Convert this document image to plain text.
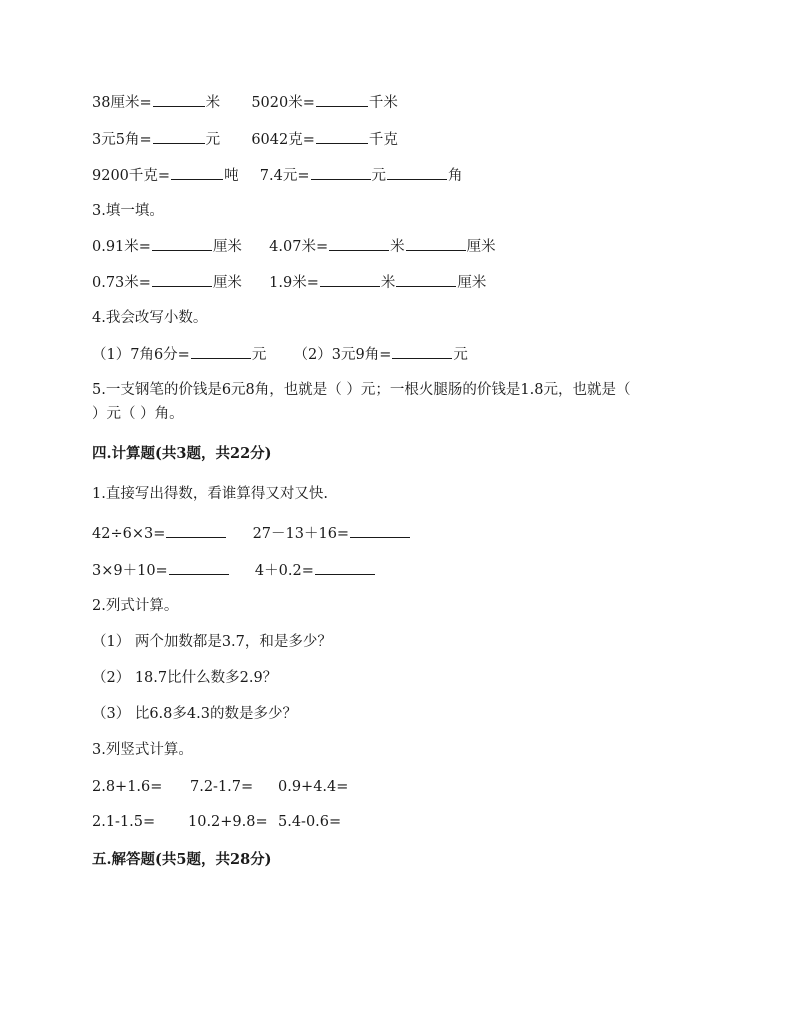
38厘米=	米 5020米=	千米
3元5角=	元 6042克=	千克
9200千克=	吨 7.4元=	元	角
3.填一填。
0.91米=	厘米 4.07米=	米	厘米
0.73米=	厘米 1.9米=	米	厘米
4.我会改写小数。
（1）7角6分=	元 （2）3元9角=	元
5.一支钢笔的价钱是6元8角，也就是（ ）元；一根火腿肠的价钱是1.8元，也就是（
）元（ ）角。
四.计算题(共3题，共22分)
1.直接写出得数，看谁算得又对又快.
42÷6×3=	27－13＋16=
3×9＋10=	4＋0.2=
2.列式计算。
（1） 两个加数都是3.7，和是多少？
（2） 18.7比什么数多2.9？
（3） 比6.8多4.3的数是多少？
3.列竖式计算。
2.8+1.6= 7.2-1.7= 0.9+4.4=
2.1-1.5= 10.2+9.8= 5.4-0.6=
五.解答题(共5题，共28分)
